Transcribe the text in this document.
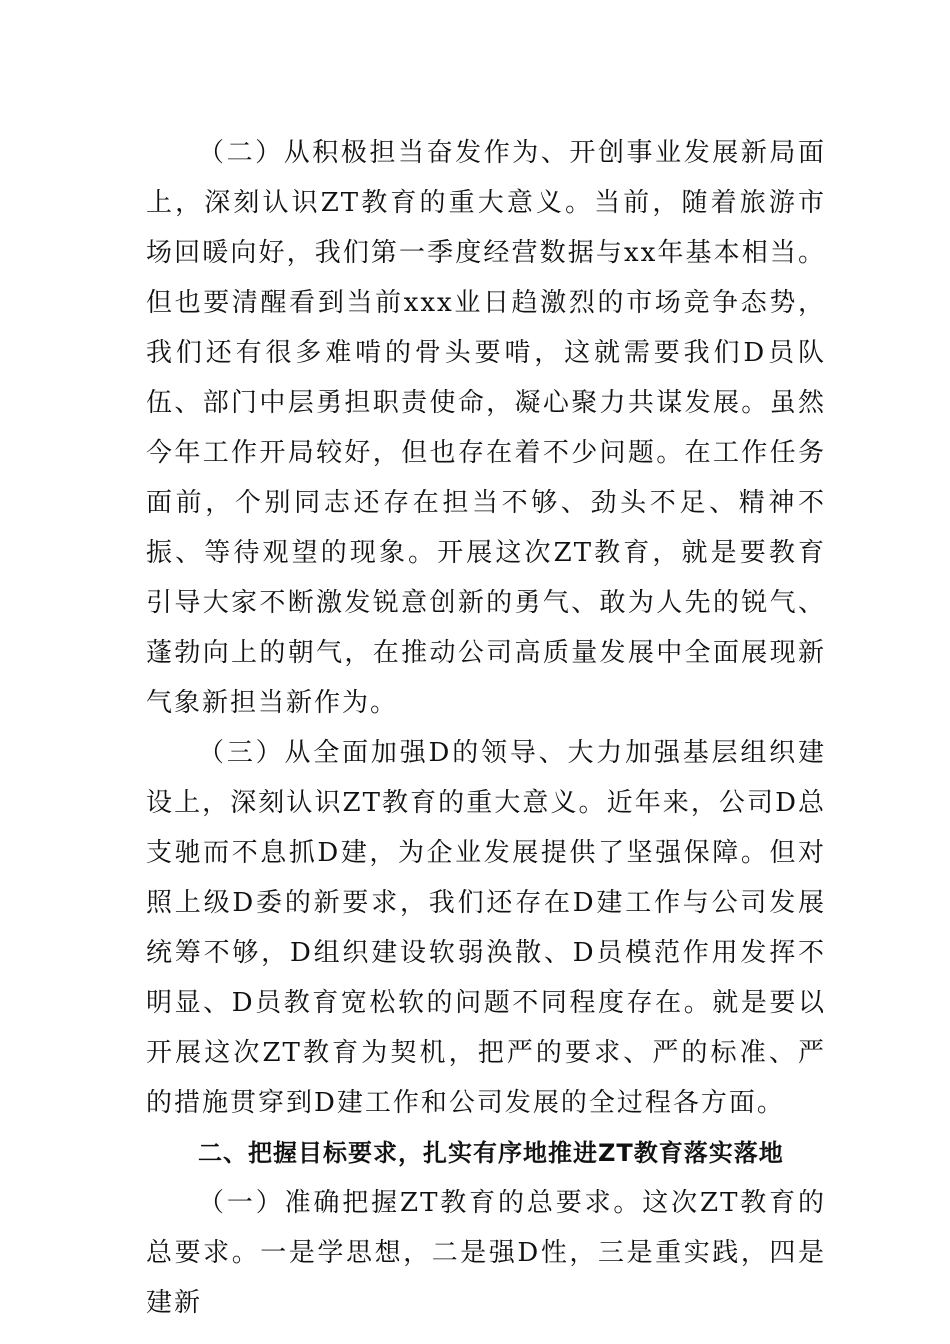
（二）从积极担当奋发作为、开创事业发展新局面上，深刻认识ZT教育的重大意义。当前，随着旅游市场回暖向好，我们第一季度经营数据与xx年基本相当。但也要清醒看到当前xxx业日趋激烈的市场竞争态势，我们还有很多难啃的骨头要啃，这就需要我们D员队伍、部门中层勇担职责使命，凝心聚力共谋发展。虽然今年工作开局较好，但也存在着不少问题。在工作任务面前，个别同志还存在担当不够、劲头不足、精神不振、等待观望的现象。开展这次ZT教育，就是要教育引导大家不断激发锐意创新的勇气、敢为人先的锐气、蓬勃向上的朝气，在推动公司高质量发展中全面展现新气象新担当新作为。

（三）从全面加强D的领导、大力加强基层组织建设上，深刻认识ZT教育的重大意义。近年来，公司D总支驰而不息抓D建，为企业发展提供了坚强保障。但对照上级D委的新要求，我们还存在D建工作与公司发展统筹不够，D组织建设软弱涣散、D员模范作用发挥不明显、D员教育宽松软的问题不同程度存在。就是要以开展这次ZT教育为契机，把严的要求、严的标准、严的措施贯穿到D建工作和公司发展的全过程各方面。

二、把握目标要求，扎实有序地推进ZT教育落实落地

（一）准确把握ZT教育的总要求。这次ZT教育的总要求。一是学思想，二是强D性，三是重实践，四是建新
